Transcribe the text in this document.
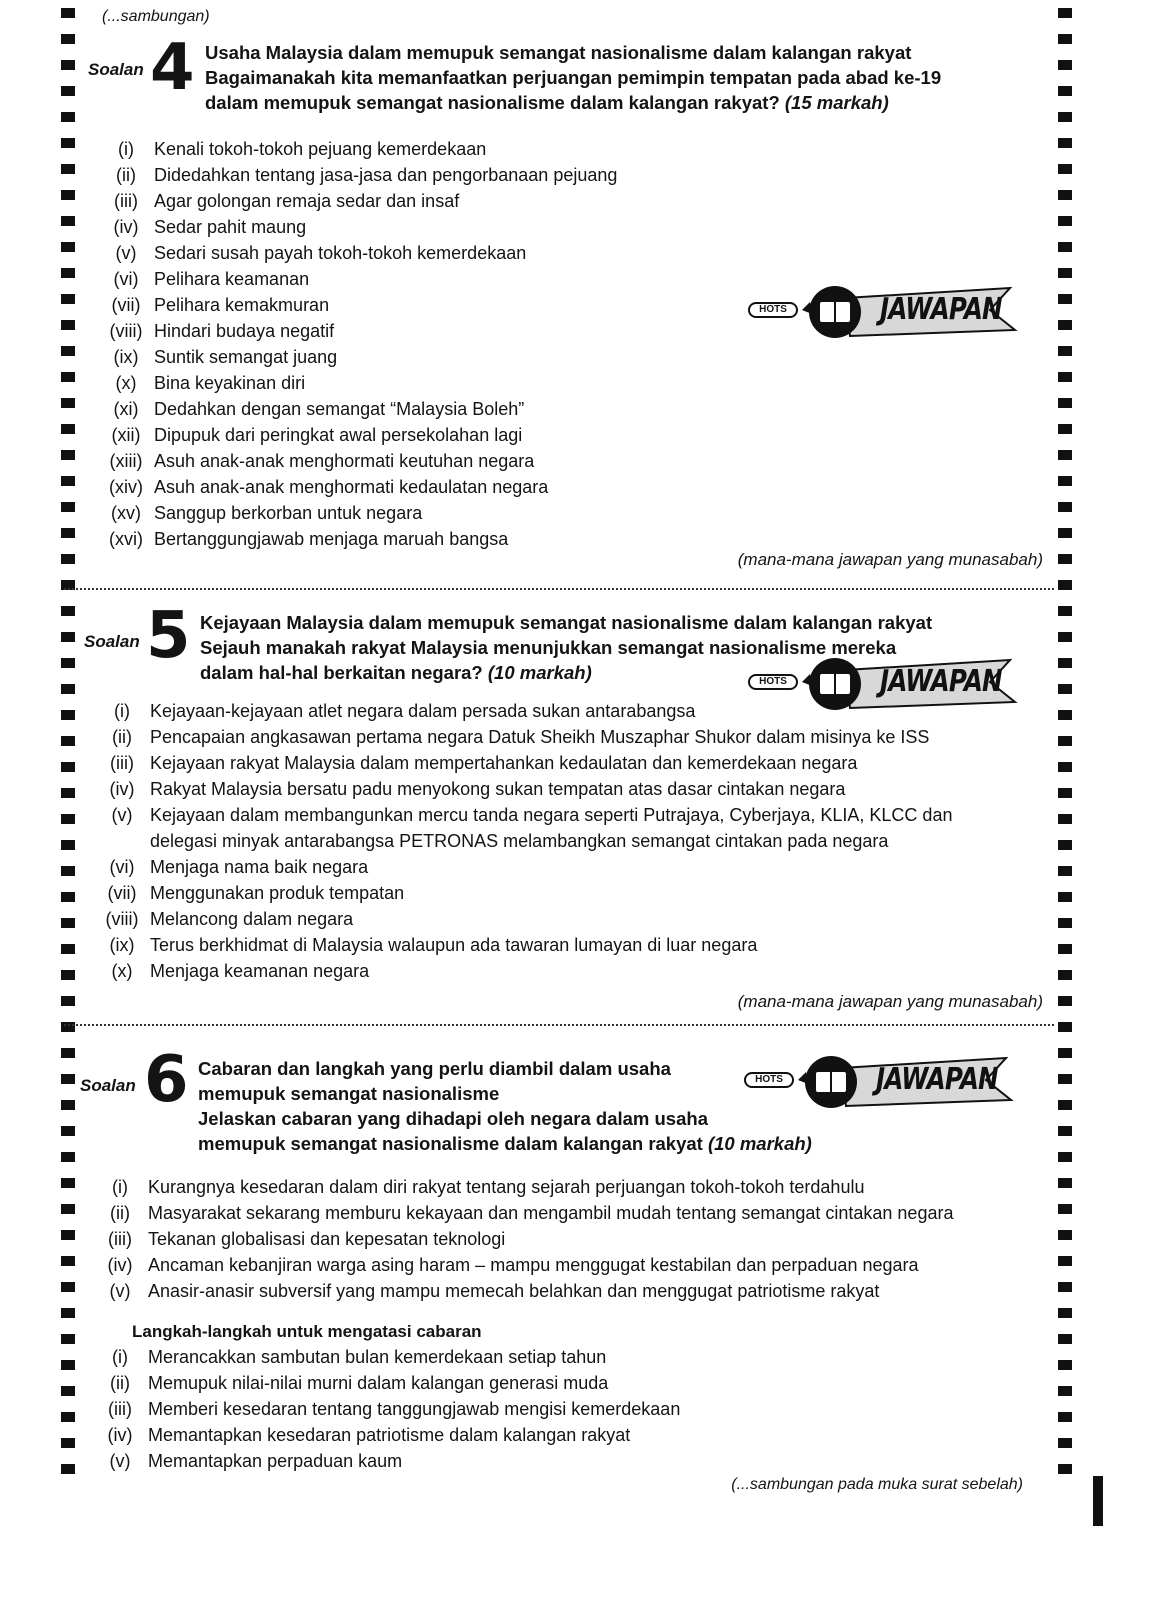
(...sambungan)
Soalan 4 Usaha Malaysia dalam memupuk semangat nasionalisme dalam kalangan rakyat
Bagaimanakah kita memanfaatkan perjuangan pemimpin tempatan pada abad ke-19
dalam memupuk semangat nasionalisme dalam kalangan rakyat? (15 markah)
HOTS	JAWAPAN
(i)	Kenali tokoh-tokoh pejuang kemerdekaan
(ii)	Didedahkan tentang jasa-jasa dan pengorbanaan pejuang
(iii) Agar golongan remaja sedar dan insaf
(iv) Sedar pahit maung
(v) Sedari susah payah tokoh-tokoh kemerdekaan
(vi) Pelihara keamanan
(vii) Pelihara kemakmuran
(viii) Hindari budaya negatif
(ix) Suntik semangat juang
(x) Bina keyakinan diri
(xi) Dedahkan dengan semangat “Malaysia Boleh”
(xii) Dipupuk dari peringkat awal persekolahan lagi
(xiii) Asuh anak-anak menghormati keutuhan negara
(xiv) Asuh anak-anak menghormati kedaulatan negara
(xv) Sanggup berkorban untuk negara
(xvi) Bertanggungjawab menjaga maruah bangsa
(mana-mana jawapan yang munasabah)
Soalan 5 Kejayaan Malaysia dalam memupuk semangat nasionalisme dalam kalangan rakyat
Sejauh manakah rakyat Malaysia menunjukkan semangat nasionalisme mereka
dalam hal-hal berkaitan negara? (10 markah)	HOTS	JAWAPAN
(i)	Kejayaan-kejayaan atlet negara dalam persada sukan antarabangsa
(ii)	Pencapaian angkasawan pertama negara Datuk Sheikh Muszaphar Shukor dalam misinya ke ISS
(iii) Kejayaan rakyat Malaysia dalam mempertahankan kedaulatan dan kemerdekaan negara
(iv) Rakyat Malaysia bersatu padu menyokong sukan tempatan atas dasar cintakan negara
(v) Kejayaan dalam membangunkan mercu tanda negara seperti Putrajaya, Cyberjaya, KLIA, KLCC dan delegasi minyak antarabangsa PETRONAS melambangkan semangat cintakan pada negara
(vi) Menjaga nama baik negara
(vii) Menggunakan produk tempatan
(viii) Melancong dalam negara
(ix) Terus berkhidmat di Malaysia walaupun ada tawaran lumayan di luar negara
(x) Menjaga keamanan negara
(mana-mana jawapan yang munasabah)
Soalan 6 Cabaran dan langkah yang perlu diambil dalam usaha
memupuk semangat nasionalisme
Jelaskan cabaran yang dihadapi oleh negara dalam usaha
memupuk semangat nasionalisme dalam kalangan rakyat (10 markah)
HOTS	JAWAPAN
(i)	Kurangnya kesedaran dalam diri rakyat tentang sejarah perjuangan tokoh-tokoh terdahulu
(ii)	Masyarakat sekarang memburu kekayaan dan mengambil mudah tentang semangat cintakan negara
(iii) Tekanan globalisasi dan kepesatan teknologi
(iv) Ancaman kebanjiran warga asing haram – mampu menggugat kestabilan dan perpaduan negara
(v) Anasir-anasir subversif yang mampu memecah belahkan dan menggugat patriotisme rakyat
Langkah-langkah untuk mengatasi cabaran
(i)	Merancakkan sambutan bulan kemerdekaan setiap tahun
(ii)	Memupuk nilai-nilai murni dalam kalangan generasi muda
(iii) Memberi kesedaran tentang tanggungjawab mengisi kemerdekaan
(iv) Memantapkan kesedaran patriotisme dalam kalangan rakyat
(v) Memantapkan perpaduan kaum
(...sambungan pada muka surat sebelah)
